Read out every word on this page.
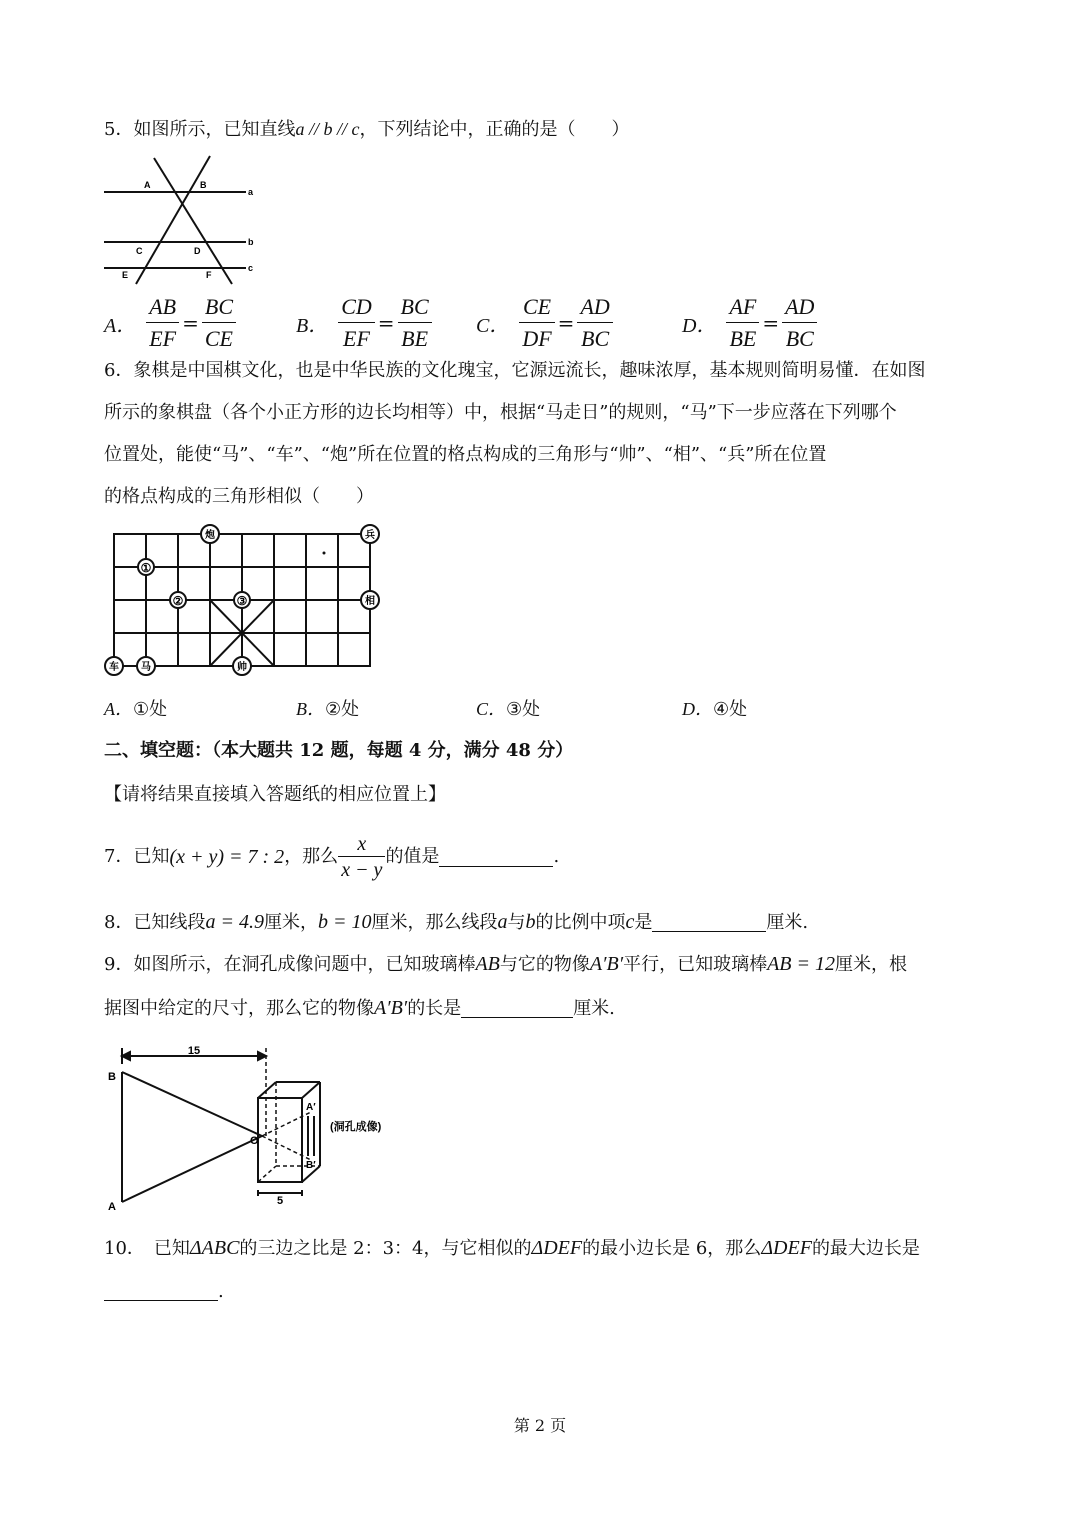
5．如图所示，已知直线a // b // c，下列结论中，正确的是（　　）
A	B
a
C	D
b
E	F
c
A． $\frac{AB}{EF} = \frac{BC}{CE}$	B． $\frac{CD}{EF} = \frac{BC}{BE}$ C． $\frac{CE}{DF} = \frac{AD}{BC}$	D． $\frac{AF}{BE} = \frac{AD}{BC}$
6．象棋是中国棋文化，也是中华民族的文化瑰宝，它源远流长，趣味浓厚，基本规则简明易懂．在如图
所示的象棋盘（各个小正方形的边长均相等）中，根据“马走日”的规则，“马”下一步应落在下列哪个
位置处，能使“马”、“车”、“炮”所在位置的格点构成的三角形与“帅”、“相”、“兵”所在位置
的格点构成的三角形相似（　　）
①
②	③
炮	兵
相
车 马	帅
A．①处	B．②处	C．③处	D．④处
二、填空题：（本大题共 12 题，每题 4 分，满分 48 分）
【请将结果直接填入答题纸的相应位置上】
7．已知 (x + y) = 7 : 2 ，那么 $\frac{x}{x - y}$ 的值是	.
8．已知线段a = 4.9厘米，b = 10厘米，那么线段a与b的比例中项c是	厘米.
9．如图所示，在洞孔成像问题中，已知玻璃棒AB与它的物像A′B′平行，已知玻璃棒AB = 12厘米，根
据图中给定的尺寸，那么它的物像A′B′的长是	厘米.
15
5
(洞孔成像)
B
A
O
A′
B′
10．　已知ΔABC的三边之比是 2：3：4，与它相似的ΔDEF的最小边长是 6，那么ΔDEF的最大边长是
.
第 2 页
